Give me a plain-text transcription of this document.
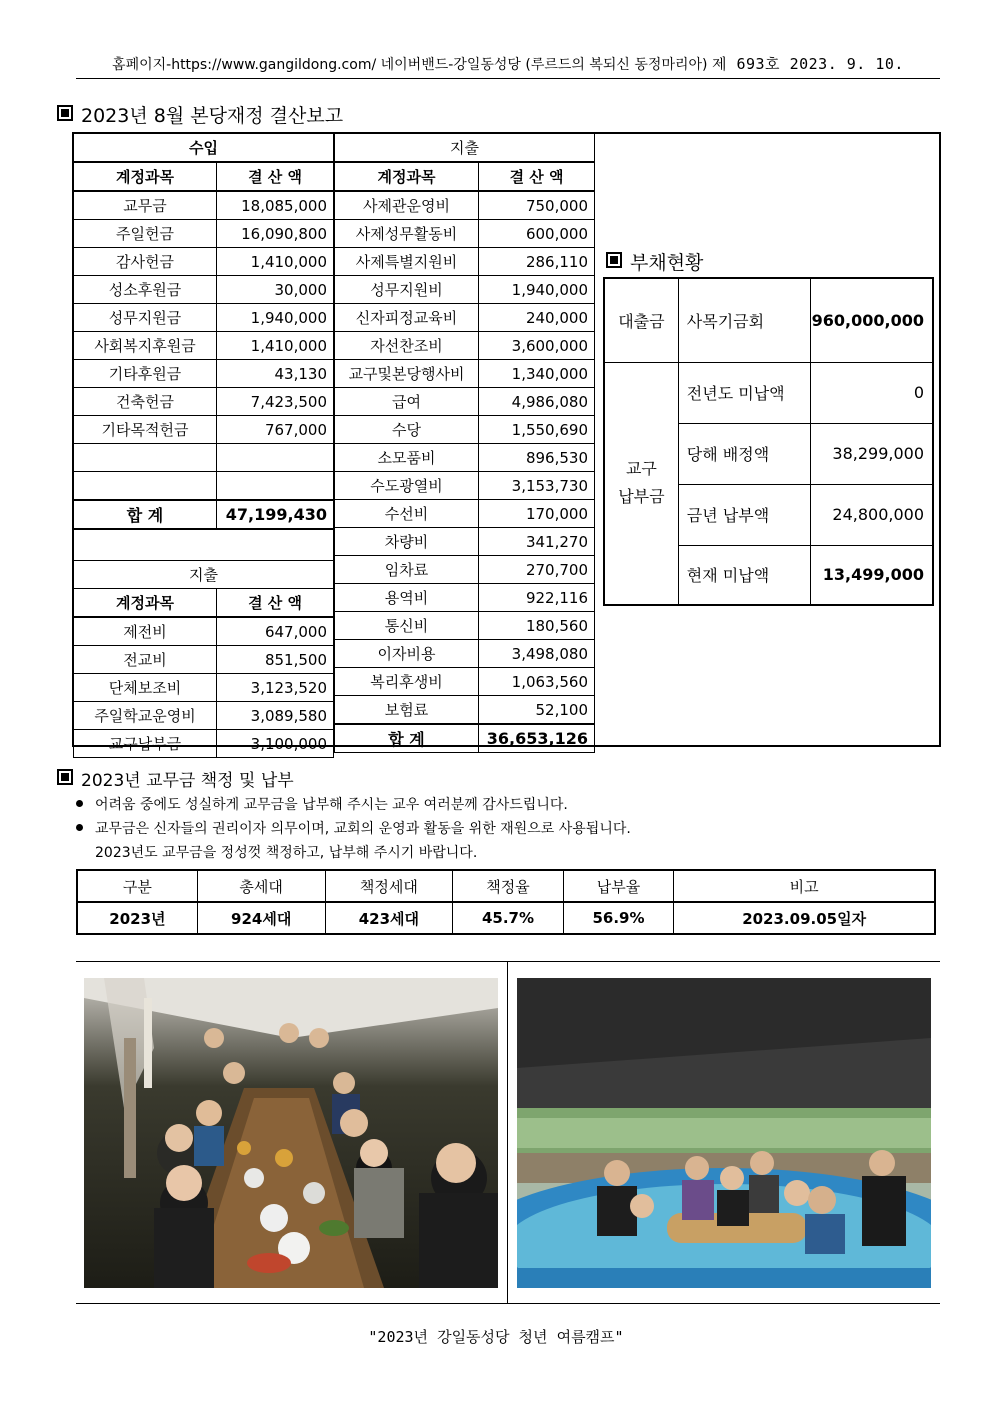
홈페이지-https://www.gangildong.com/ 네이버밴드-강일동성당 (루르드의 복되신 동정마리아) 제 693호 2023. 9. 10.
2023년 8월 본당재정 결산보고
수입	
계정과목	결 산 액
교무금	18,085,000
주일헌금	16,090,800
감사헌금	1,410,000
성소후원금	30,000
성무지원금	1,940,000
사회복지후원금	1,410,000
기타후원금	43,130
건축헌금	7,423,500
기타목적헌금	767,000

합 계	47,199,430

지출	
계정과목	결 산 액
제전비	647,000
전교비	851,500
단체보조비	3,123,520
주일학교운영비	3,089,580
교구납부금	3,100,000
지출	
계정과목	결 산 액
사제관운영비	750,000
사제성무활동비	600,000
사제특별지원비	286,110
성무지원비	1,940,000
신자피정교육비	240,000
자선찬조비	3,600,000
교구및본당행사비	1,340,000
급여	4,986,080
수당	1,550,690
소모품비	896,530
수도광열비	3,153,730
수선비	170,000
차량비	341,270
임차료	270,700
용역비	922,116
통신비	180,560
이자비용	3,498,080
복리후생비	1,063,560
보험료	52,100
합 계	36,653,126
부채현황
대출금	사목기금회	960,000,000
교구
납부금	전년도 미납액	0
	당해 배정액	38,299,000
	금년 납부액	24,800,000
	현재 미납액	13,499,000
2023년 교무금 책정 및 납부
어려움 중에도 성실하게 교무금을 납부해 주시는 교우 여러분께 감사드립니다.
교무금은 신자들의 권리이자 의무이며, 교회의 운영과 활동을 위한 재원으로 사용됩니다.
2023년도 교무금을 정성껏 책정하고, 납부해 주시기 바랍니다.
구분	총세대	책정세대	책정율	납부율	비고
2023년	924세대	423세대	45.7%	56.9%	2023.09.05일자
"2023년 강일동성당 청년 여름캠프"
